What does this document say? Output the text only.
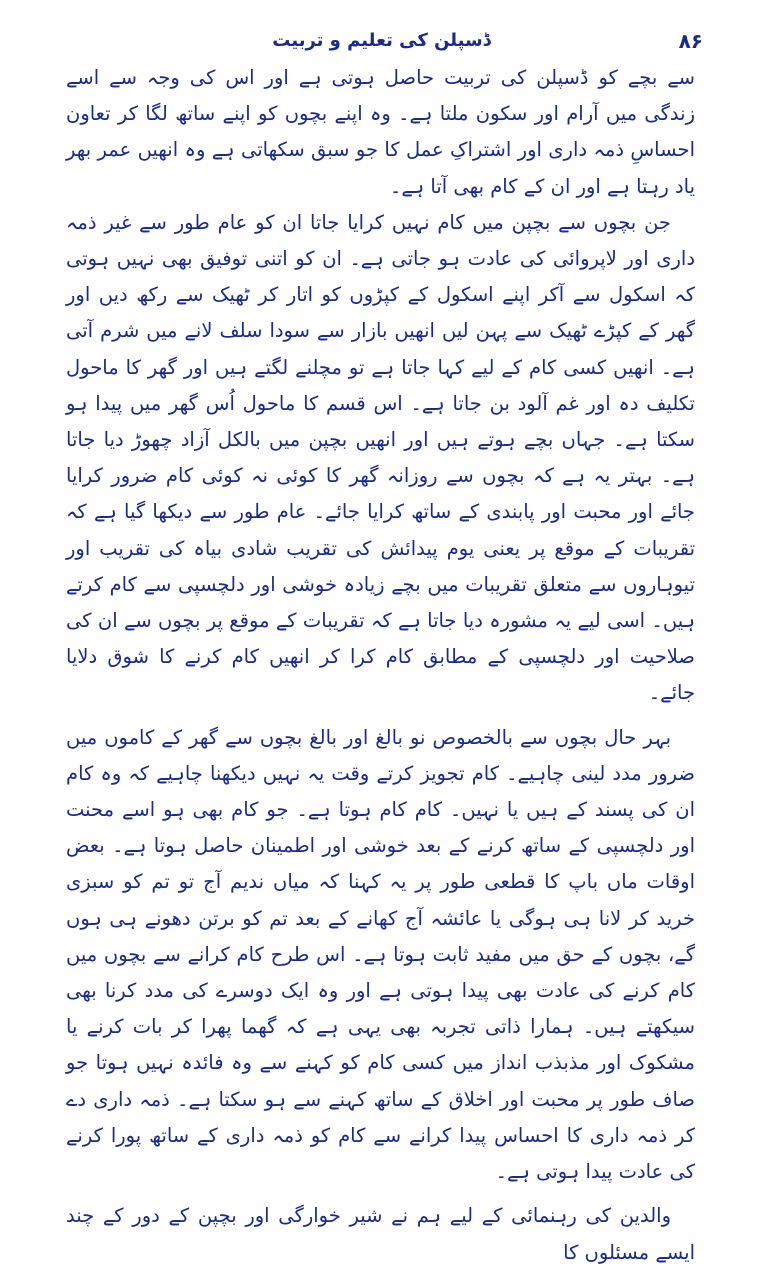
ڈسپلن کی تعلیم و تربیت	۸۶

سے بچے کو ڈسپلن کی تربیت حاصل ہوتی ہے اور اس کی وجہ سے اسے زندگی میں آرام اور سکون ملتا ہے۔ وہ اپنے بچوں کو اپنے ساتھ لگا کر تعاون احساسِ ذمہ داری اور اشتراکِ عمل کا جو سبق سکھاتی ہے وہ انھیں عمر بھر یاد رہتا ہے اور ان کے کام بھی آتا ہے۔

جن بچوں سے بچپن میں کام نہیں کرایا جاتا ان کو عام طور سے غیر ذمہ داری اور لاپروائی کی عادت ہو جاتی ہے۔ ان کو اتنی توفیق بھی نہیں ہوتی کہ اسکول سے آکر اپنے اسکول کے کپڑوں کو اتار کر ٹھیک سے رکھ دیں اور گھر کے کپڑے ٹھیک سے پہن لیں انھیں بازار سے سودا سلف لانے میں شرم آتی ہے۔ انھیں کسی کام کے لیے کہا جاتا ہے تو مچلنے لگتے ہیں اور گھر کا ماحول تکلیف دہ اور غم آلود بن جاتا ہے۔ اس قسم کا ماحول اُس گھر میں پیدا ہو سکتا ہے۔ جہاں بچے ہوتے ہیں اور انھیں بچپن میں بالکل آزاد چھوڑ دیا جاتا ہے۔ بہتر یہ ہے کہ بچوں سے روزانہ گھر کا کوئی نہ کوئی کام ضرور کرایا جائے اور محبت اور پابندی کے ساتھ کرایا جائے۔ عام طور سے دیکھا گیا ہے کہ تقریبات کے موقع پر یعنی یوم پیدائش کی تقریب شادی بیاہ کی تقریب اور تیوہاروں سے متعلق تقریبات میں بچے زیادہ خوشی اور دلچسپی سے کام کرتے ہیں۔ اسی لیے یہ مشورہ دیا جاتا ہے کہ تقریبات کے موقع پر بچوں سے ان کی صلاحیت اور دلچسپی کے مطابق کام کرا کر انھیں کام کرنے کا شوق دلایا جائے۔

بہر حال بچوں سے بالخصوص نو بالغ اور بالغ بچوں سے گھر کے کاموں میں ضرور مدد لینی چاہیے۔ کام تجویز کرتے وقت یہ نہیں دیکھنا چاہیے کہ وہ کام ان کی پسند کے ہیں یا نہیں۔ کام کام ہوتا ہے۔ جو کام بھی ہو اسے محنت اور دلچسپی کے ساتھ کرنے کے بعد خوشی اور اطمینان حاصل ہوتا ہے۔ بعض اوقات ماں باپ کا قطعی طور پر یہ کہنا کہ میاں ندیم آج تو تم کو سبزی خرید کر لانا ہی ہوگی یا عائشہ آج کھانے کے بعد تم کو برتن دھونے ہی ہوں گے، بچوں کے حق میں مفید ثابت ہوتا ہے۔ اس طرح کام کرانے سے بچوں میں کام کرنے کی عادت بھی پیدا ہوتی ہے اور وہ ایک دوسرے کی مدد کرنا بھی سیکھتے ہیں۔ ہمارا ذاتی تجربہ بھی یہی ہے کہ گھما پھرا کر بات کرنے یا مشکوک اور مذبذب انداز میں کسی کام کو کہنے سے وہ فائدہ نہیں ہوتا جو صاف طور پر محبت اور اخلاق کے ساتھ کہنے سے ہو سکتا ہے۔ ذمہ داری دے کر ذمہ داری کا احساس پیدا کرانے سے کام کو ذمہ داری کے ساتھ پورا کرنے کی عادت پیدا ہوتی ہے۔

والدین کی رہنمائی کے لیے ہم نے شیر خوارگی اور بچپن کے دور کے چند ایسے مسئلوں کا
